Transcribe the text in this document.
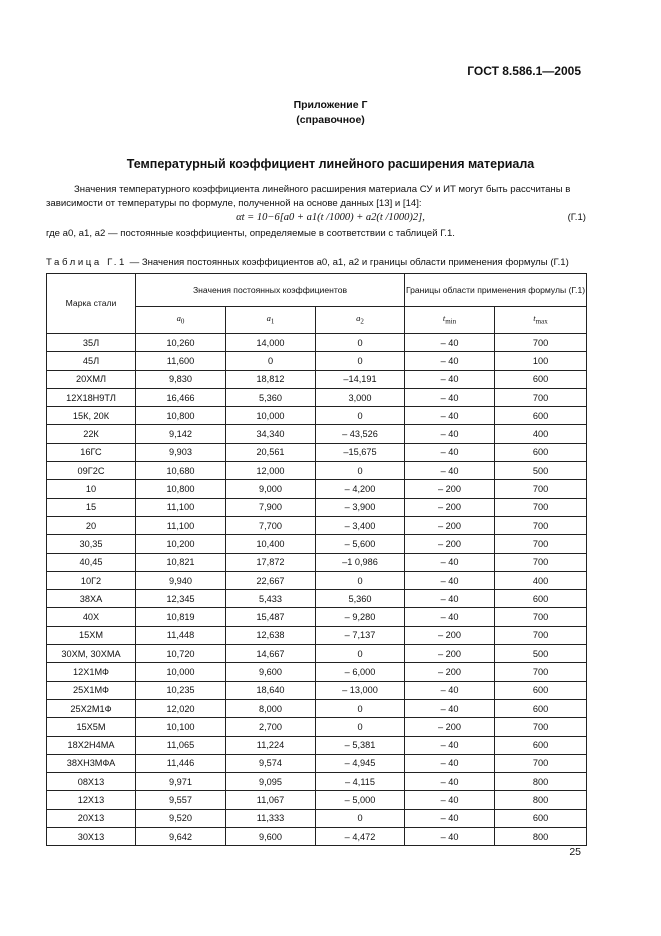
ГОСТ 8.586.1—2005
Приложение Г
(справочное)
Температурный коэффициент линейного расширения материала
Значения температурного коэффициента линейного расширения материала СУ и ИТ могут быть рассчитаны в зависимости от температуры по формуле, полученной на основе данных [13] и [14]:
αt = 10−6[a0 + a1(t /1000) + a2(t /1000)2],	(Г.1)
где a0, a1, a2 — постоянные коэффициенты, определяемые в соответствии с таблицей Г.1.
Таблица Г.1 — Значения постоянных коэффициентов a0, a1, a2 и границы области применения формулы (Г.1)
Марка стали	Значения постоянных коэффициентов			Границы области применения формулы (Г.1)	
	$a_0$	$a_1$	$a_2$	$t_{min}$	$t_{max}$
35Л	10,260	14,000	0	– 40	700
45Л	11,600	0	0	– 40	100
20ХМЛ	9,830	18,812	–14,191	– 40	600
12Х18Н9ТЛ	16,466	5,360	3,000	– 40	700
15К, 20К	10,800	10,000	0	– 40	600
22К	9,142	34,340	– 43,526	– 40	400
16ГС	9,903	20,561	–15,675	– 40	600
09Г2С	10,680	12,000	0	– 40	500
10	10,800	9,000	– 4,200	– 200	700
15	11,100	7,900	– 3,900	– 200	700
20	11,100	7,700	– 3,400	– 200	700
30,35	10,200	10,400	– 5,600	– 200	700
40,45	10,821	17,872	–1 0,986	– 40	700
10Г2	9,940	22,667	0	– 40	400
38ХА	12,345	5,433	5,360	– 40	600
40Х	10,819	15,487	– 9,280	– 40	700
15ХМ	11,448	12,638	– 7,137	– 200	700
30ХМ, 30ХМА	10,720	14,667	0	– 200	500
12Х1МФ	10,000	9,600	– 6,000	– 200	700
25Х1МФ	10,235	18,640	– 13,000	– 40	600
25Х2М1Ф	12,020	8,000	0	– 40	600
15Х5М	10,100	2,700	0	– 200	700
18Х2Н4МА	11,065	11,224	– 5,381	– 40	600
38ХН3МФА	11,446	9,574	– 4,945	– 40	700
08Х13	9,971	9,095	– 4,115	– 40	800
12Х13	9,557	11,067	– 5,000	– 40	800
20Х13	9,520	11,333	0	– 40	600
30Х13	9,642	9,600	– 4,472	– 40	800
25
